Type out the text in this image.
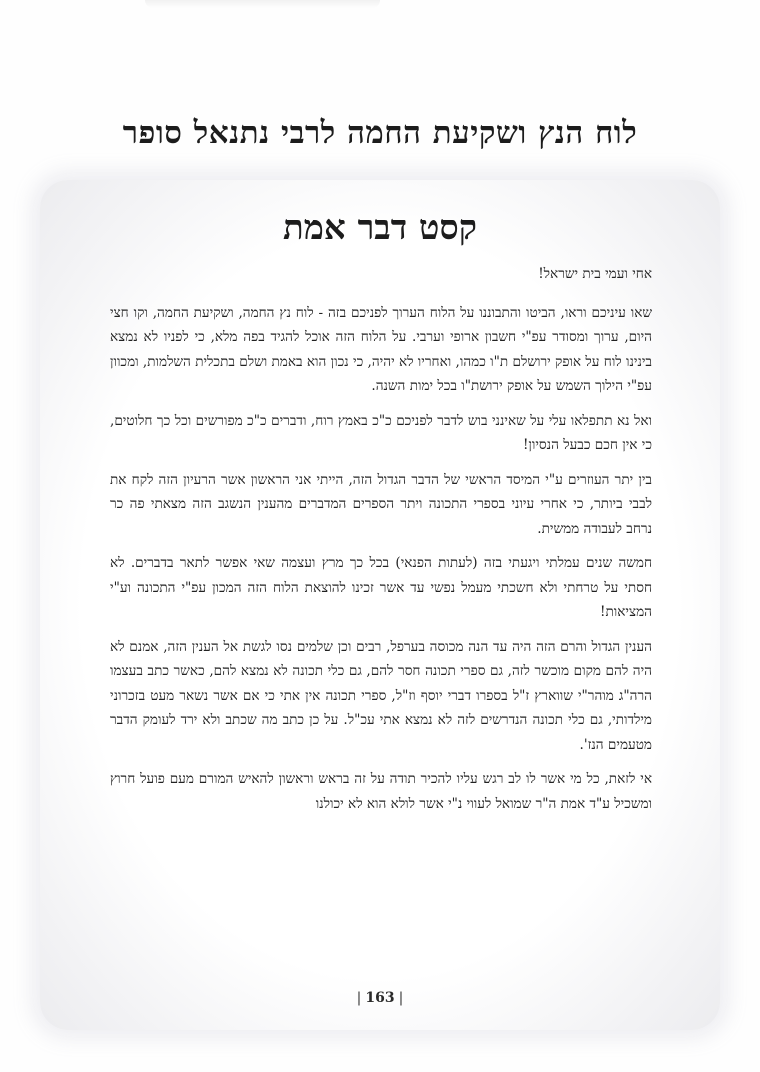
לוח הנץ ושקיעת החמה לרבי נתנאל סופר
קסט דבר אמת

אחי ועמי בית ישראל!

שאו עיניכם וראו, הביטו והתבוננו על הלוח הערוך לפניכם בזה - לוח נץ החמה, ושקיעת החמה, וקו חצי היום, ערוך ומסודר עפ"י חשבון ארופי וערבי. על הלוח הזה אוכל להגיד בפה מלא, כי לפניו לא נמצא בינינו לוח על אופק ירושלם ת"ו כמהו, ואחריו לא יהיה, כי נכון הוא באמת ושלם בתכלית השלמות, ומכוון עפ"י הילוך השמש על אופק ירושת"ו בכל ימות השנה.

ואל נא תתפלאו עלי על שאינני בוש לדבר לפניכם כ"כ באמץ רוח, ודברים כ"כ מפורשים וכל כך חלוטים, כי אין חכם כבעל הנסיון!

בין יתר העוזרים ע"י המיסד הראשי של הדבר הגדול הזה, הייתי אני הראשון אשר הרעיון הזה לקח את לבבי ביותר, כי אחרי עיוני בספרי התכונה ויתר הספרים המדברים מהענין הנשגב הזה מצאתי פה כר נרחב לעבודה ממשית.

חמשה שנים עמלתי ויגעתי בזה (לעתות הפנאי) בכל כך מרץ ועצמה שאי אפשר לתאר בדברים. לא חסתי על טרחתי ולא חשכתי מעמל נפשי עד אשר זכינו להוצאת הלוח הזה המכון עפ"י התכונה וע"י המציאות!

הענין הגדול והרם הזה היה עד הנה מכוסה בערפל, רבים וכן שלמים נסו לגשת אל הענין הזה, אמנם לא היה להם מקום מוכשר לזה, גם ספרי תכונה חסר להם, גם כלי תכונה לא נמצא להם, כאשר כתב בעצמו הרה"ג מוהר"י שווארץ ז"ל בספרו דברי יוסף וז"ל, ספרי תכונה אין אתי כי אם אשר נשאר מעט בזכרוני מילדותי, גם כלי תכונה הנדרשים לזה לא נמצא אתי עכ"ל. על כן כתב מה שכתב ולא ירד לעומק הדבר מטעמים הנז'.

אי לזאת, כל מי אשר לו לב רגש עליו להכיר תודה על זה בראש וראשון להאיש המורם מעם פועל חרוץ ומשכיל ע"ד אמת ה"ר שמואל לעווי נ"י אשר לולא הוא לא יכולנו

| 163 |
